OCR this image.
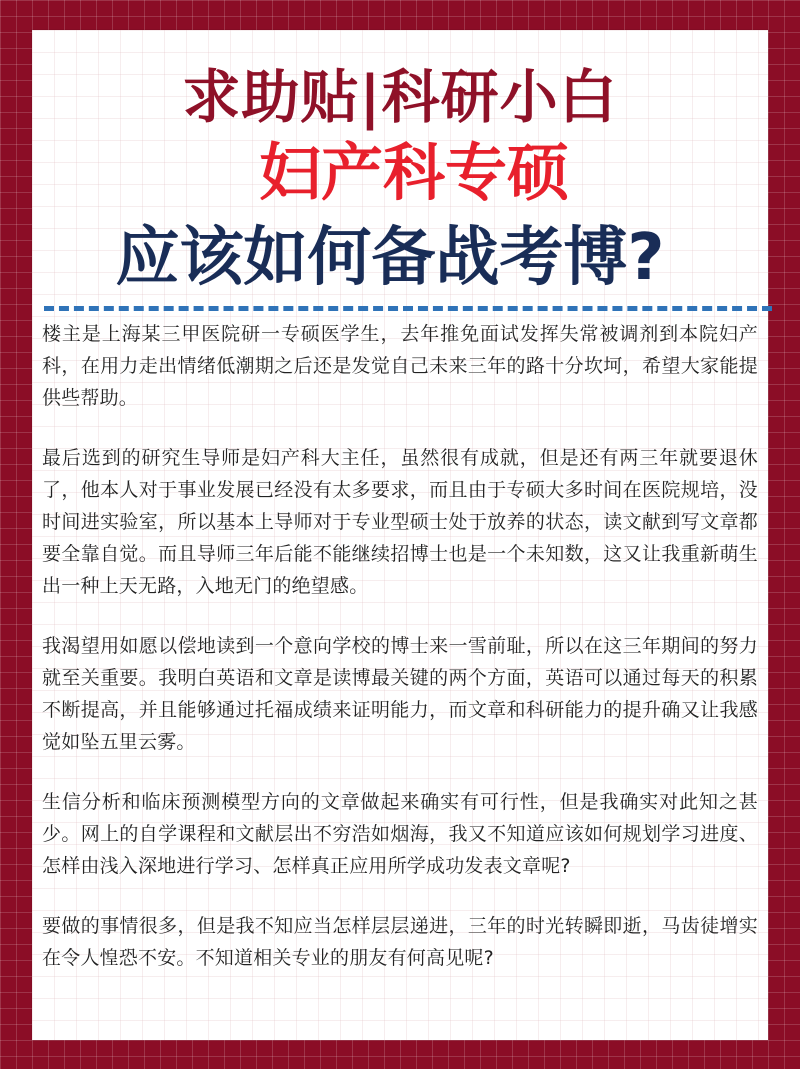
求助贴|科研小白
妇产科专硕
应该如何备战考博?

楼主是上海某三甲医院研一专硕医学生，去年推免面试发挥失常被调剂到本院妇产科，在用力走出情绪低潮期之后还是发觉自己未来三年的路十分坎坷，希望大家能提供些帮助。

最后选到的研究生导师是妇产科大主任，虽然很有成就，但是还有两三年就要退休了，他本人对于事业发展已经没有太多要求，而且由于专硕大多时间在医院规培，没时间进实验室，所以基本上导师对于专业型硕士处于放养的状态，读文献到写文章都要全靠自觉。而且导师三年后能不能继续招博士也是一个未知数，这又让我重新萌生出一种上天无路，入地无门的绝望感。

我渴望用如愿以偿地读到一个意向学校的博士来一雪前耻，所以在这三年期间的努力就至关重要。我明白英语和文章是读博最关键的两个方面，英语可以通过每天的积累不断提高，并且能够通过托福成绩来证明能力，而文章和科研能力的提升确又让我感觉如坠五里云雾。

生信分析和临床预测模型方向的文章做起来确实有可行性，但是我确实对此知之甚少。网上的自学课程和文献层出不穷浩如烟海，我又不知道应该如何规划学习进度、怎样由浅入深地进行学习、怎样真正应用所学成功发表文章呢?

要做的事情很多，但是我不知应当怎样层层递进，三年的时光转瞬即逝，马齿徒增实在令人惶恐不安。不知道相关专业的朋友有何高见呢?
